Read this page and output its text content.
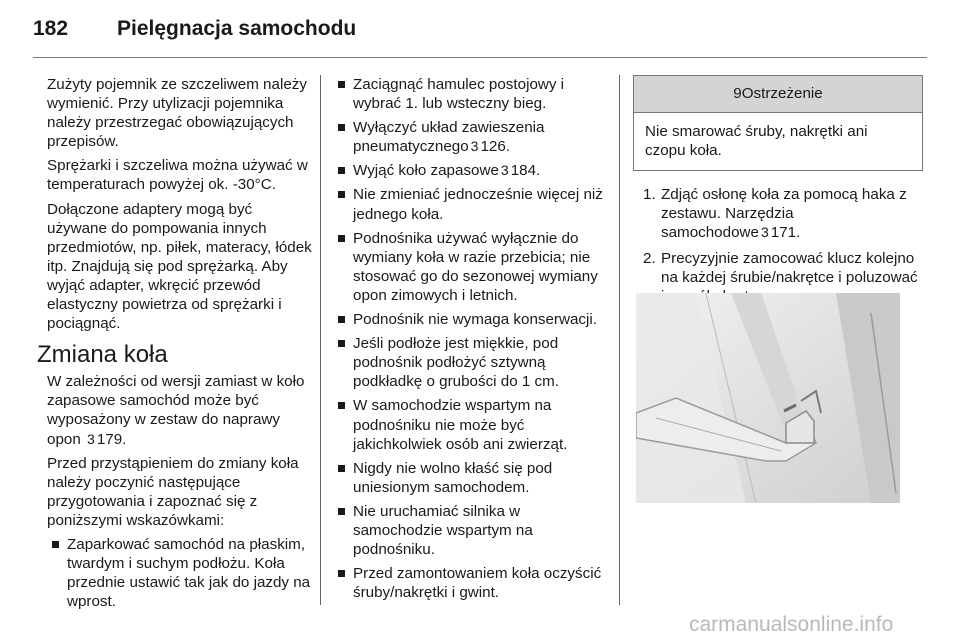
182 Pielęgnacja samochodu

Zużyty pojemnik ze szczeliwem należy wymienić. Przy utylizacji pojemnika należy przestrzegać obowiązujących przepisów.

Sprężarki i szczeliwa można używać w temperaturach powyżej ok. -30°C.

Dołączone adaptery mogą być używane do pompowania innych przedmiotów, np. piłek, materacy, łódek itp. Znajdują się pod sprężarką. Aby wyjąć adapter, wkręcić przewód elastyczny powietrza od sprężarki i pociągnąć.

Zmiana koła

W zależności od wersji zamiast w koło zapasowe samochód może być wyposażony w zestaw do naprawy opon 3 179.

Przed przystąpieniem do zmiany koła należy poczynić następujące przygotowania i zapoznać się z poniższymi wskazówkami:

Zaparkować samochód na płaskim, twardym i suchym podłożu. Koła przednie ustawić tak jak do jazdy na wprost.
Zaciągnąć hamulec postojowy i wybrać 1. lub wsteczny bieg.
Wyłączyć układ zawieszenia pneumatycznego 3 126.
Wyjąć koło zapasowe 3 184.
Nie zmieniać jednocześnie więcej niż jednego koła.
Podnośnika używać wyłącznie do wymiany koła w razie przebicia; nie stosować go do sezonowej wymiany opon zimowych i letnich.
Podnośnik nie wymaga konserwacji.
Jeśli podłoże jest miękkie, pod podnośnik podłożyć sztywną podkładkę o grubości do 1 cm.
W samochodzie wspartym na podnośniku nie może być jakichkolwiek osób ani zwierząt.
Nigdy nie wolno kłaść się pod uniesionym samochodem.
Nie uruchamiać silnika w samochodzie wspartym na podnośniku.
Przed zamontowaniem koła oczyścić śruby/nakrętki i gwint.
9Ostrzeżenie
Nie smarować śruby, nakrętki ani czopu koła.
1. Zdjąć osłonę koła za pomocą haka z zestawu. Narzędzia samochodowe 3 171.
2. Precyzyjnie zamocować klucz kolejno na każdej śrubie/nakrętce i poluzować
carmanualsonline.info
